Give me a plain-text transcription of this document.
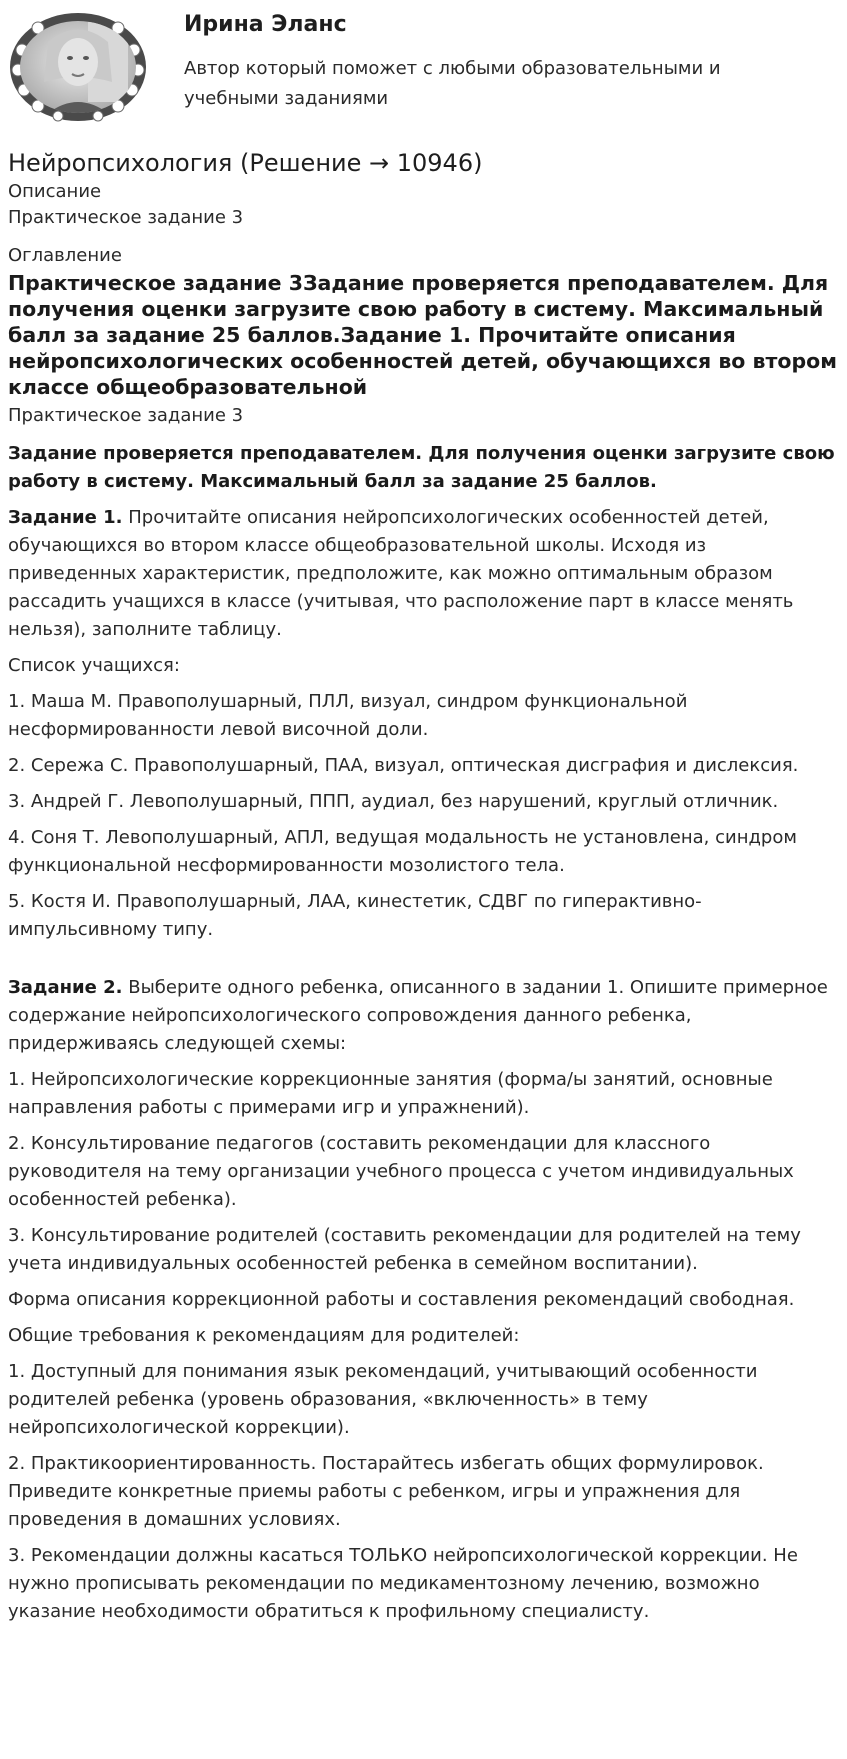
Ирина Эланс
Автор который поможет с любыми образовательными и учебными заданиями
Нейропсихология (Решение → 10946)

Описание

Практическое задание 3

Оглавление

Практическое задание 3Задание проверяется преподавателем. Для получения оценки загрузите свою работу в систему. Максимальный балл за задание 25 баллов.Задание 1. Прочитайте описания нейропсихологических особенностей детей, обучающихся во втором классе общеобразовательной

Практическое задание 3

Задание проверяется преподавателем. Для получения оценки загрузите свою работу в систему. Максимальный балл за задание 25 баллов.

Задание 1. Прочитайте описания нейропсихологических особенностей детей, обучающихся во втором классе общеобразовательной школы. Исходя из приведенных характеристик, предположите, как можно оптимальным образом рассадить учащихся в классе (учитывая, что расположение парт в классе менять нельзя), заполните таблицу.

Список учащихся:

1. Маша М. Правополушарный, ПЛЛ, визуал, синдром функциональной несформированности левой височной доли.

2. Сережа С. Правополушарный, ПАА, визуал, оптическая дисграфия и дислексия.

3. Андрей Г. Левополушарный, ППП, аудиал, без нарушений, круглый отличник.

4. Соня Т. Левополушарный, АПЛ, ведущая модальность не установлена, синдром функциональной несформированности мозолистого тела.

5. Костя И. Правополушарный, ЛАА, кинестетик, СДВГ по гиперактивно-импульсивному типу.

Задание 2. Выберите одного ребенка, описанного в задании 1. Опишите примерное содержание нейропсихологического сопровождения данного ребенка, придерживаясь следующей схемы:

1. Нейропсихологические коррекционные занятия (форма/ы занятий, основные направления работы с примерами игр и упражнений).

2. Консультирование педагогов (составить рекомендации для классного руководителя на тему организации учебного процесса с учетом индивидуальных особенностей ребенка).

3. Консультирование родителей (составить рекомендации для родителей на тему учета индивидуальных особенностей ребенка в семейном воспитании).

Форма описания коррекционной работы и составления рекомендаций свободная.

Общие требования к рекомендациям для родителей:

1. Доступный для понимания язык рекомендаций, учитывающий особенности родителей ребенка (уровень образования, «включенность» в тему нейропсихологической коррекции).

2. Практикоориентированность. Постарайтесь избегать общих формулировок. Приведите конкретные приемы работы с ребенком, игры и упражнения для проведения в домашних условиях.

3. Рекомендации должны касаться ТОЛЬКО нейропсихологической коррекции. Не нужно прописывать рекомендации по медикаментозному лечению, возможно указание необходимости обратиться к профильному специалисту.
